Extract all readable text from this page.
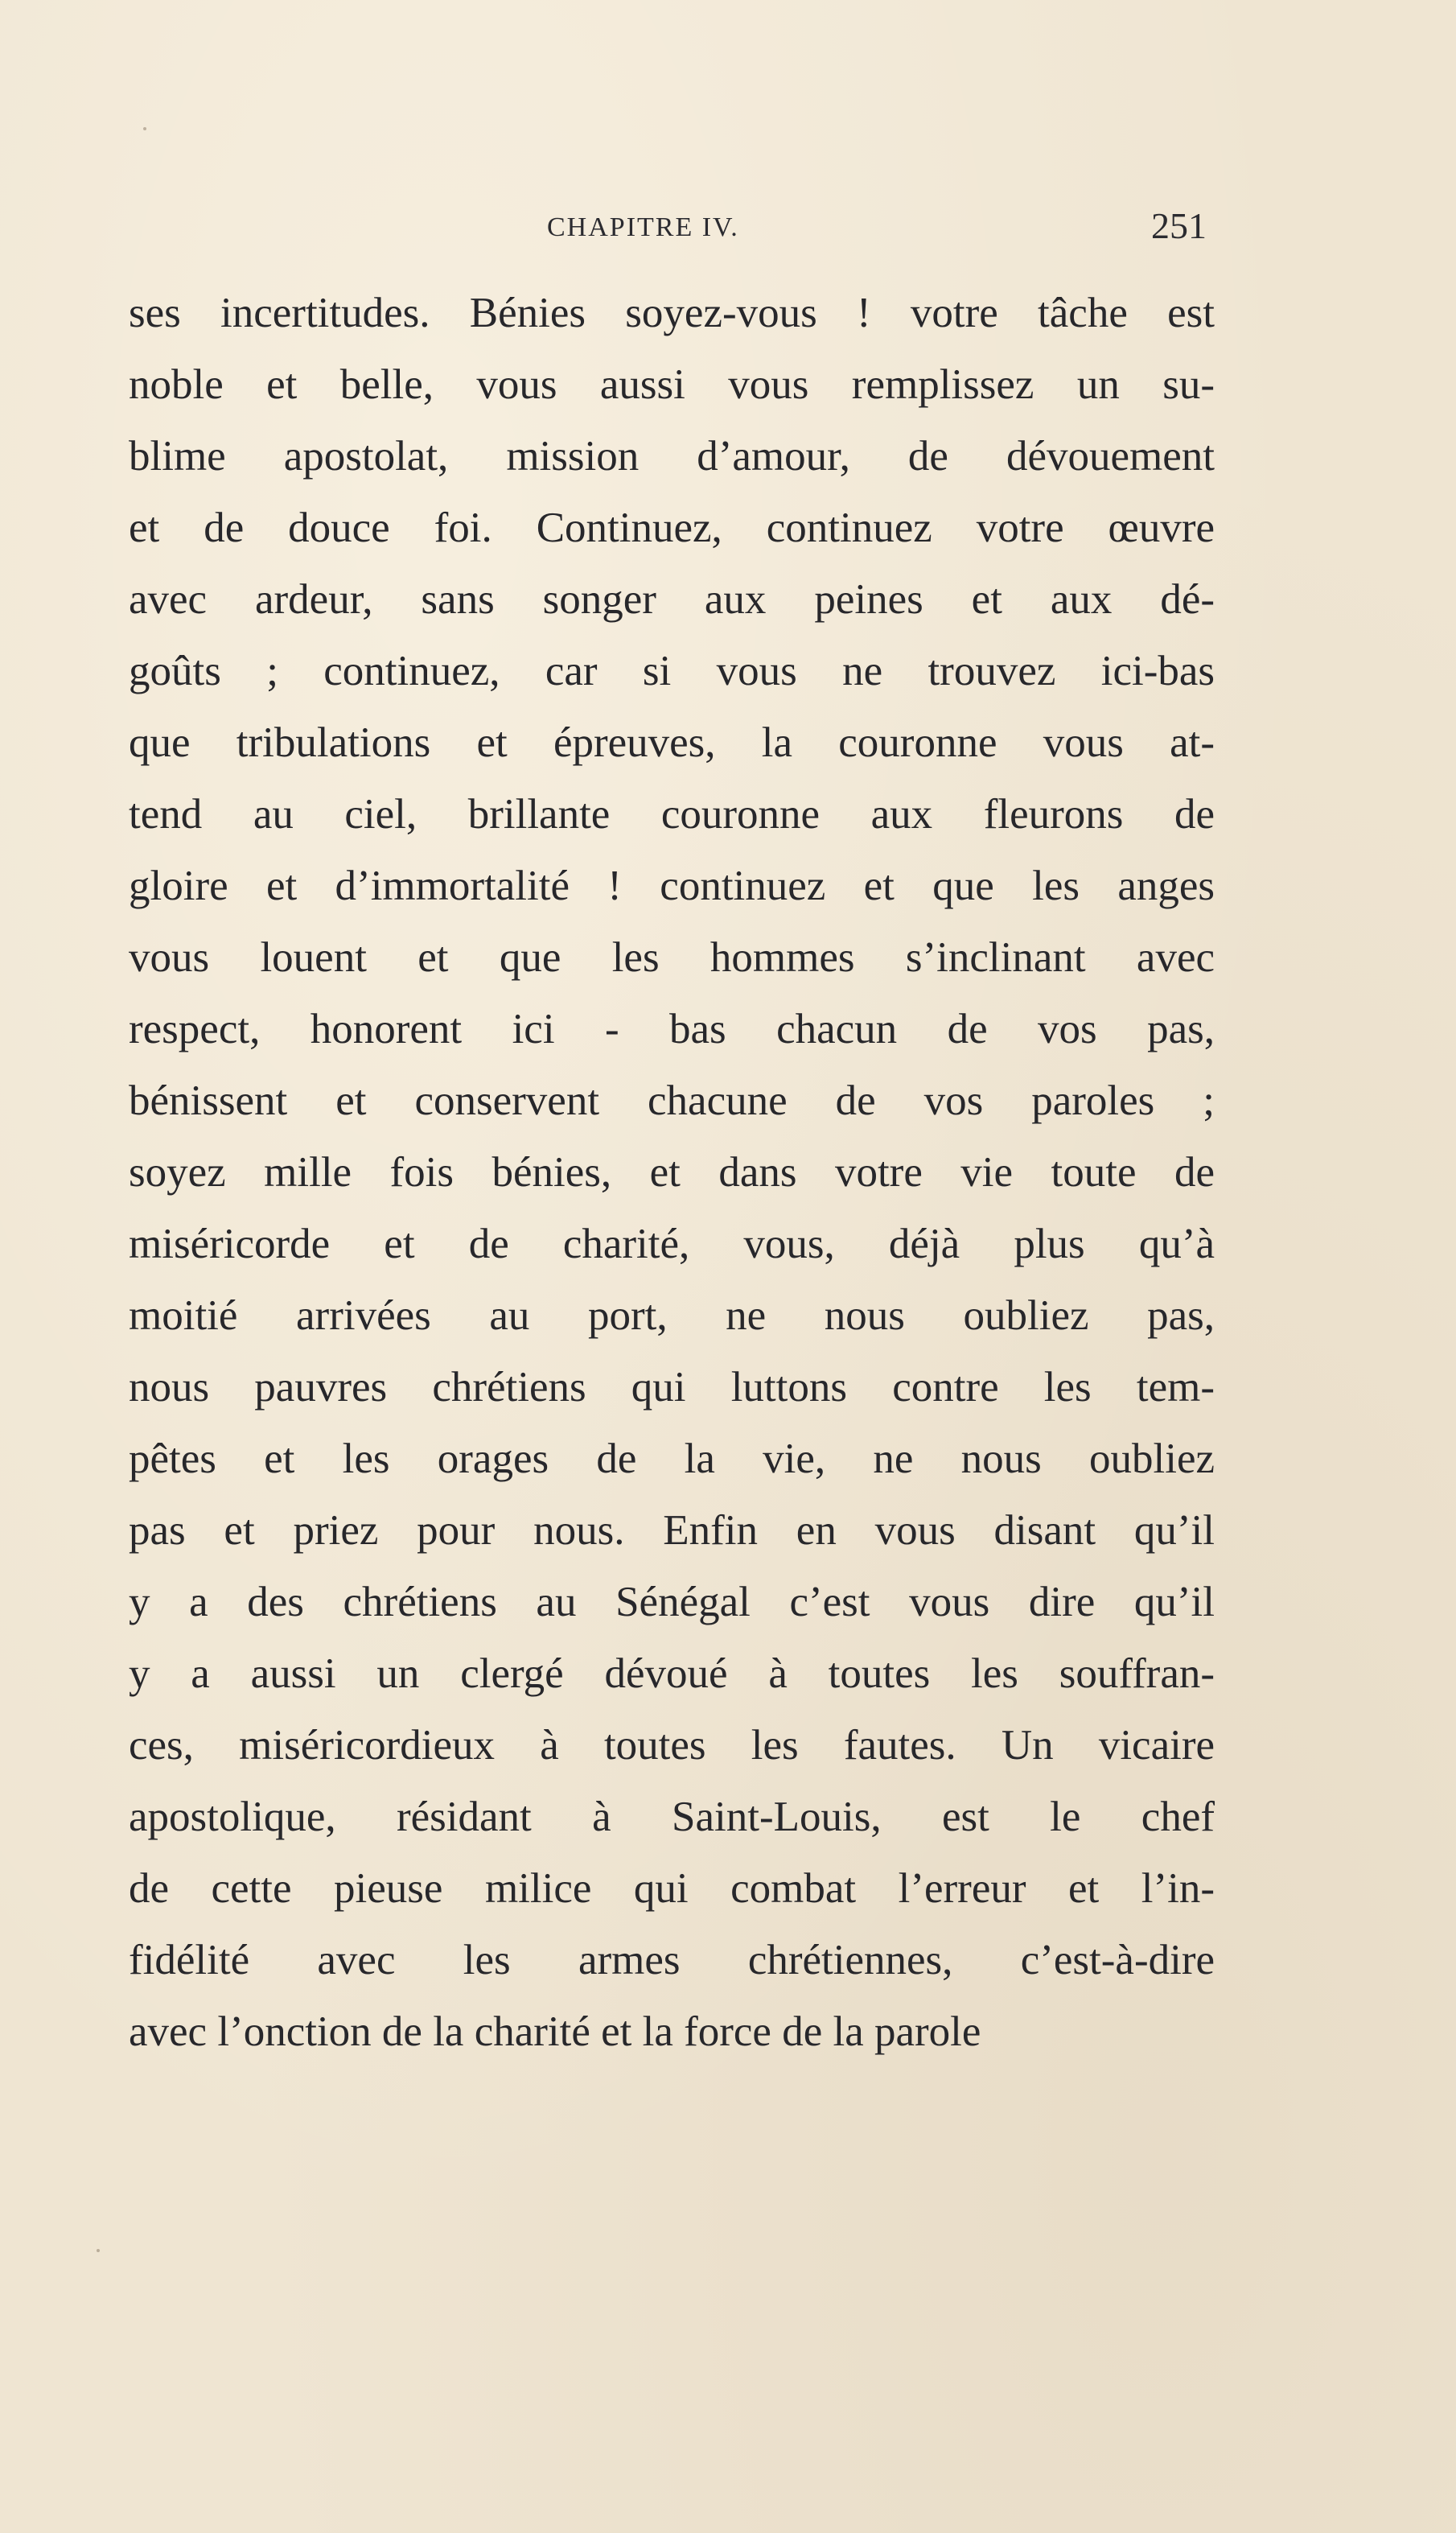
CHAPITRE IV.	251
ses incertitudes. Bénies soyez-vous ! votre tâche est
noble et belle, vous aussi vous remplissez un su-
blime apostolat, mission d’amour, de dévouement
et de douce foi. Continuez, continuez votre œuvre
avec ardeur, sans songer aux peines et aux dé-
goûts ; continuez, car si vous ne trouvez ici-bas
que tribulations et épreuves, la couronne vous at-
tend au ciel, brillante couronne aux fleurons de
gloire et d’immortalité ! continuez et que les anges
vous louent et que les hommes s’inclinant avec
respect, honorent ici - bas chacun de vos pas,
bénissent et conservent chacune de vos paroles ;
soyez mille fois bénies, et dans votre vie toute de
miséricorde et de charité, vous, déjà plus qu’à
moitié arrivées au port, ne nous oubliez pas,
nous pauvres chrétiens qui luttons contre les tem-
pêtes et les orages de la vie, ne nous oubliez
pas et priez pour nous. Enfin en vous disant qu’il
y a des chrétiens au Sénégal c’est vous dire qu’il
y a aussi un clergé dévoué à toutes les souffran-
ces, miséricordieux à toutes les fautes. Un vicaire
apostolique, résidant à Saint-Louis, est le chef
de cette pieuse milice qui combat l’erreur et l’in-
fidélité avec les armes chrétiennes, c’est-à-dire
avec l’onction de la charité et la force de la parole
